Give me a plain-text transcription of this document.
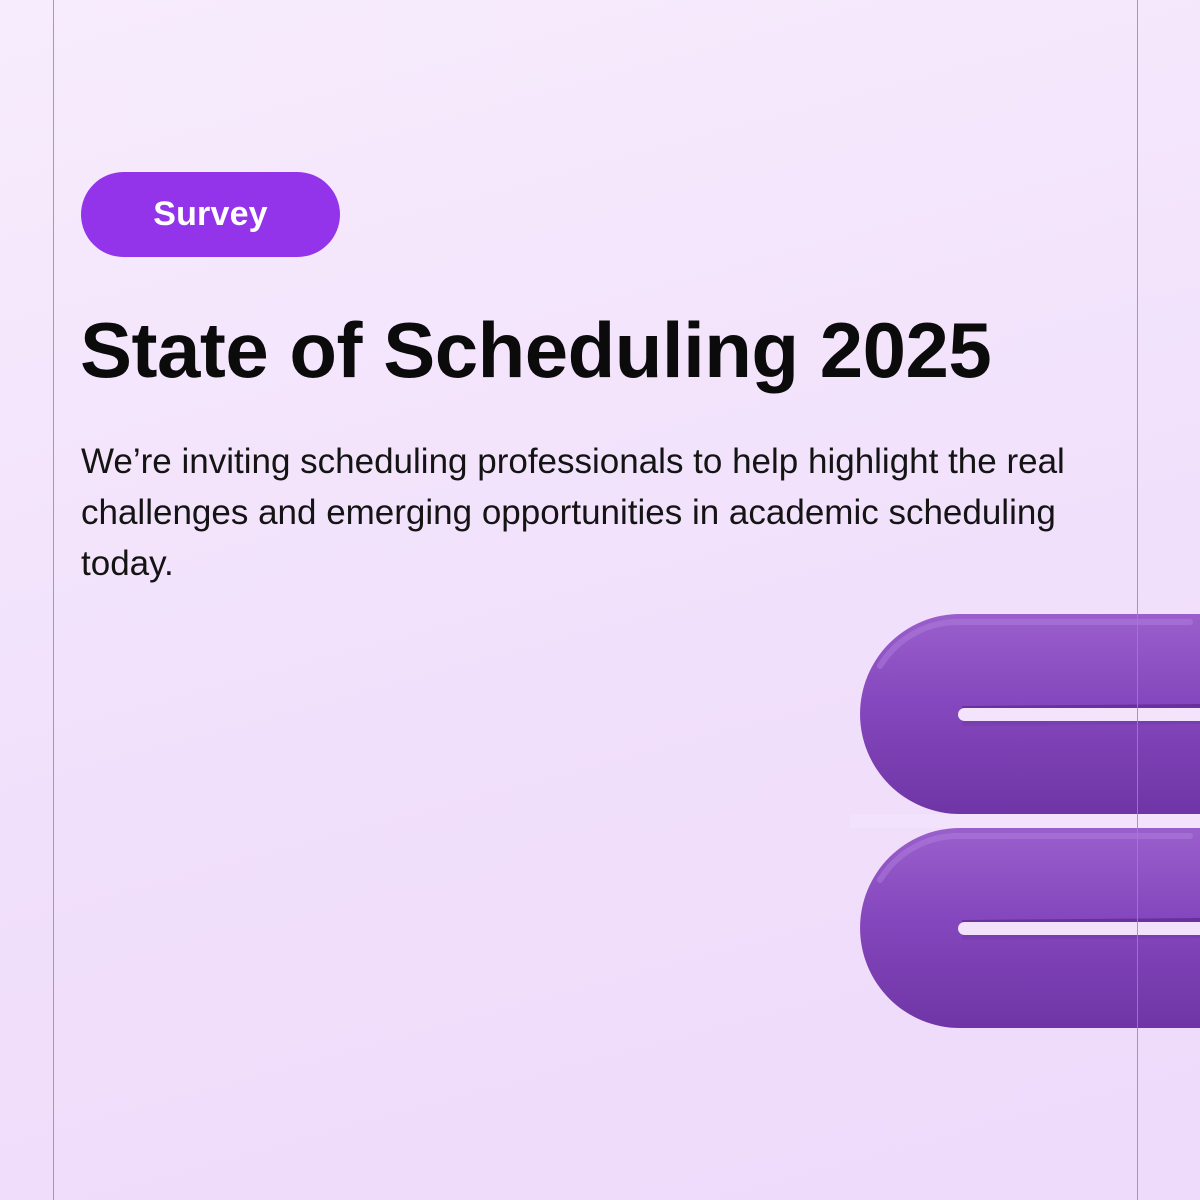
Survey
State of Scheduling 2025

We’re inviting scheduling professionals to help highlight the real challenges and emerging opportunities in academic scheduling today.
